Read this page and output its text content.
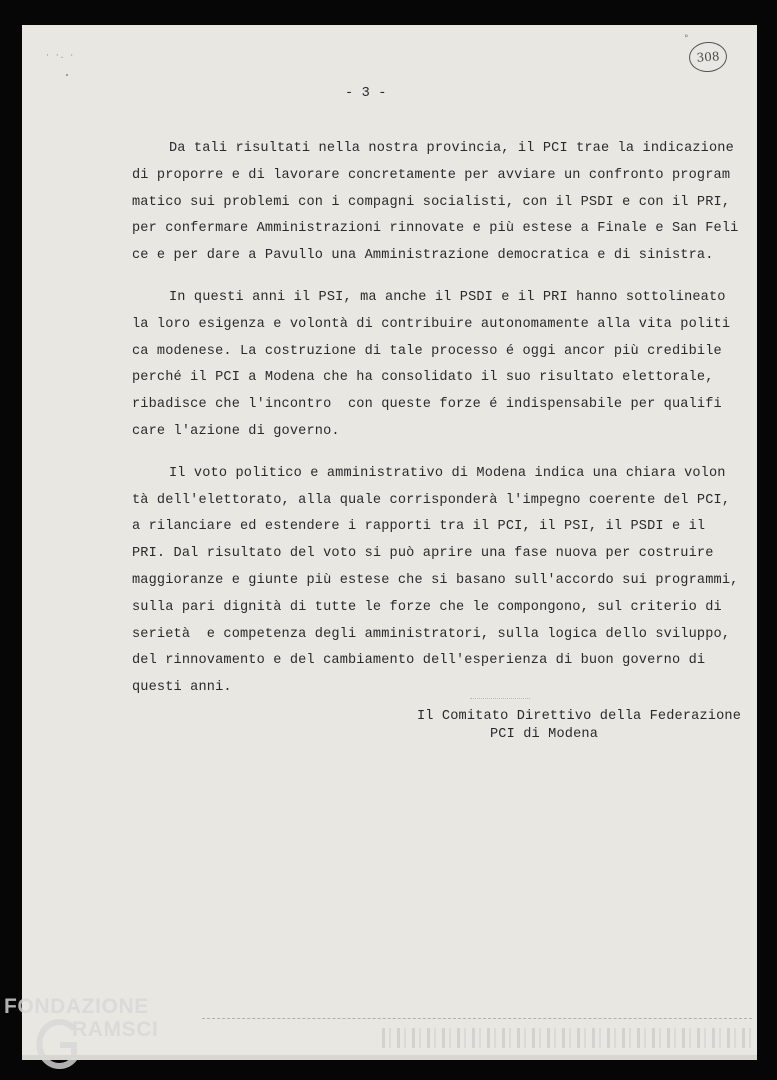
· ·. ·
°
308
- 3 -
Da tali risultati nella nostra provincia, il PCI trae la indicazione
di proporre e di lavorare concretamente per avviare un confronto program
matico sui problemi con i compagni socialisti, con il PSDI e con il PRI,
per confermare Amministrazioni rinnovate e più estese a Finale e San Feli
ce e per dare a Pavullo una Amministrazione democratica e di sinistra.
In questi anni il PSI, ma anche il PSDI e il PRI hanno sottolineato
la loro esigenza e volontà di contribuire autonomamente alla vita politi
ca modenese. La costruzione di tale processo é oggi ancor più credibile
perché il PCI a Modena che ha consolidato il suo risultato elettorale,
ribadisce che l'incontro  con queste forze é indispensabile per qualifi
care l'azione di governo.
Il voto politico e amministrativo di Modena indica una chiara volon
tà dell'elettorato, alla quale corrisponderà l'impegno coerente del PCI,
a rilanciare ed estendere i rapporti tra il PCI, il PSI, il PSDI e il
PRI. Dal risultato del voto si può aprire una fase nuova per costruire
maggioranze e giunte più estese che si basano sull'accordo sui programmi,
sulla pari dignità di tutte le forze che le compongono, sul criterio di
serietà  e competenza degli amministratori, sulla logica dello sviluppo,
del rinnovamento e del cambiamento dell'esperienza di buon governo di
questi anni.
Il Comitato Direttivo della Federazione
PCI di Modena
FONDAZIONE
RAMSCI
